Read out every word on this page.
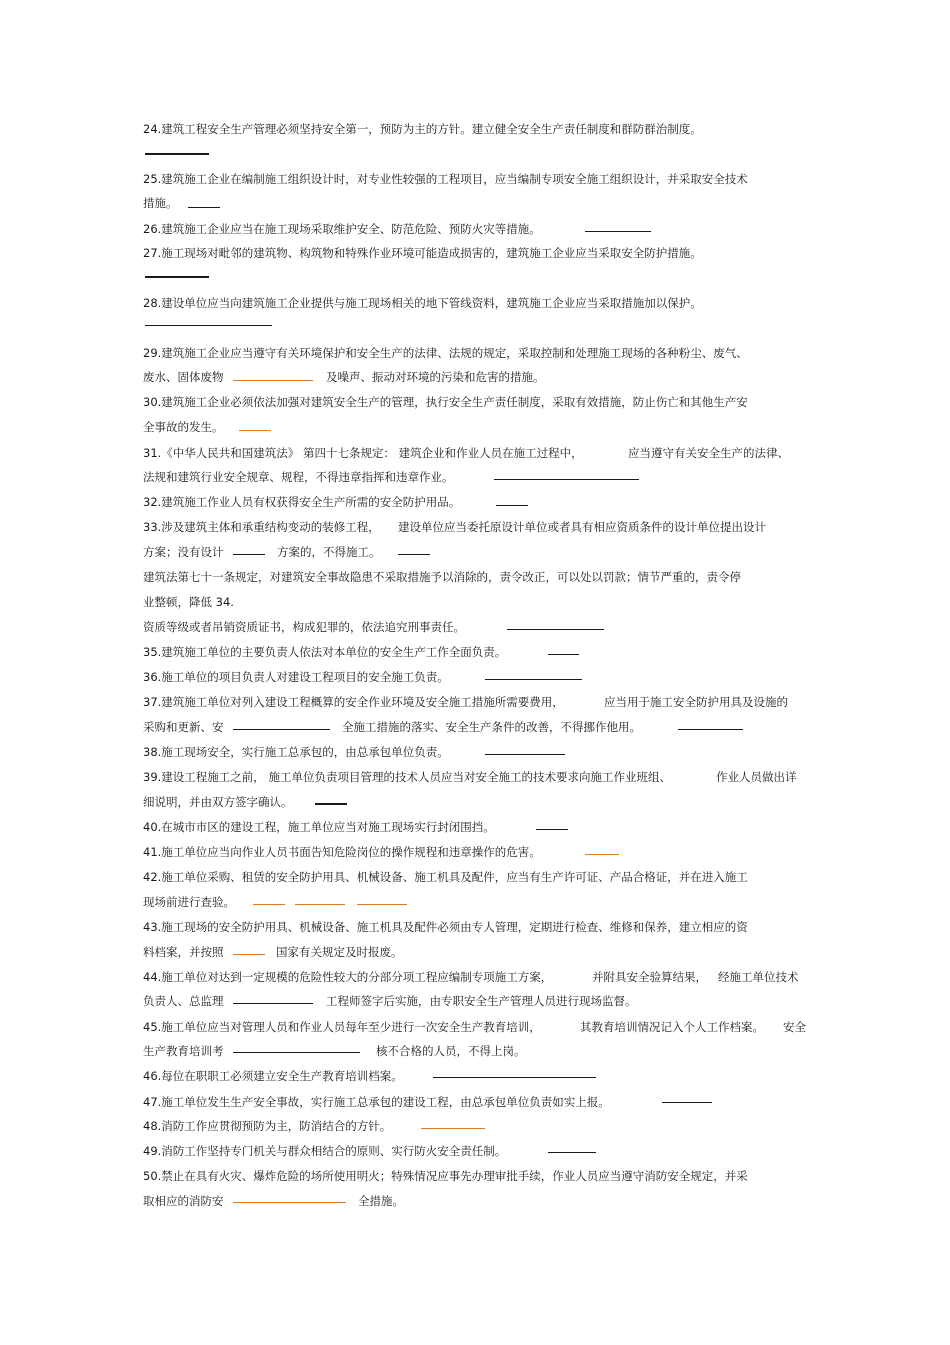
24.建筑工程安全生产管理必须坚持安全第一，预防为主的方针。建立健全安全生产责任制度和群防群治制度。
25.建筑施工企业在编制施工组织设计时，对专业性较强的工程项目，应当编制专项安全施工组织设计，并采取安全技术
措施。
26.建筑施工企业应当在施工现场采取维护安全、防范危险、预防火灾等措施。
27.施工现场对毗邻的建筑物、构筑物和特殊作业环境可能造成损害的，建筑施工企业应当采取安全防护措施。
28.建设单位应当向建筑施工企业提供与施工现场相关的地下管线资料，建筑施工企业应当采取措施加以保护。
29.建筑施工企业应当遵守有关环境保护和安全生产的法律、法规的规定，采取控制和处理施工现场的各种粉尘、废气、
废水、固体废物	及噪声、振动对环境的污染和危害的措施。
30.建筑施工企业必须依法加强对建筑安全生产的管理，执行安全生产责任制度，采取有效措施，防止伤亡和其他生产安
全事故的发生。
31.《中华人民共和国建筑法》 第四十七条规定： 建筑企业和作业人员在施工过程中，	应当遵守有关安全生产的法律、
法规和建筑行业安全规章、规程，不得违章指挥和违章作业。
32.建筑施工作业人员有权获得安全生产所需的安全防护用品。
33.涉及建筑主体和承重结构变动的装修工程， 建设单位应当委托原设计单位或者具有相应资质条件的设计单位提出设计
方案；没有设计	方案的，不得施工。
建筑法第七十一条规定，对建筑安全事故隐患不采取措施予以消除的，责令改正，可以处以罚款；情节严重的，责令停
业整顿，降低 34.
资质等级或者吊销资质证书，构成犯罪的，依法追究刑事责任。
35.建筑施工单位的主要负责人依法对本单位的安全生产工作全面负责。
36.施工单位的项目负责人对建设工程项目的安全施工负责。
37.建筑施工单位对列入建设工程概算的安全作业环境及安全施工措施所需要费用，	应当用于施工安全防护用具及设施的
采购和更新、安	全施工措施的落实、安全生产条件的改善，不得挪作他用。
38.施工现场安全，实行施工总承包的，由总承包单位负责。
39.建设工程施工之前， 施工单位负责项目管理的技术人员应当对安全施工的技术要求向施工作业班组、	作业人员做出详
细说明，并由双方签字确认。
40.在城市市区的建设工程，施工单位应当对施工现场实行封闭围挡。
41.施工单位应当向作业人员书面告知危险岗位的操作规程和违章操作的危害。
42.施工单位采购、租赁的安全防护用具、机械设备、施工机具及配件，应当有生产许可证、产品合格证，并在进入施工
现场前进行查验。
43.施工现场的安全防护用具、机械设备、施工机具及配件必须由专人管理，定期进行检查、维修和保养，建立相应的资
料档案，并按照	国家有关规定及时报废。
44.施工单位对达到一定规模的危险性较大的分部分项工程应编制专项施工方案，	并附具安全验算结果， 经施工单位技术
负责人、总监理	工程师签字后实施，由专职安全生产管理人员进行现场监督。
45.施工单位应当对管理人员和作业人员每年至少进行一次安全生产教育培训，	其教育培训情况记入个人工作档案。 安全
生产教育培训考	核不合格的人员，不得上岗。
46.每位在职职工必须建立安全生产教育培训档案。
47.施工单位发生生产安全事故，实行施工总承包的建设工程，由总承包单位负责如实上报。
48.消防工作应贯彻预防为主，防消结合的方针。
49.消防工作坚持专门机关与群众相结合的原则、实行防火安全责任制。
50.禁止在具有火灾、爆炸危险的场所使用明火；特殊情况应事先办理审批手续，作业人员应当遵守消防安全规定，并采
取相应的消防安	全措施。
